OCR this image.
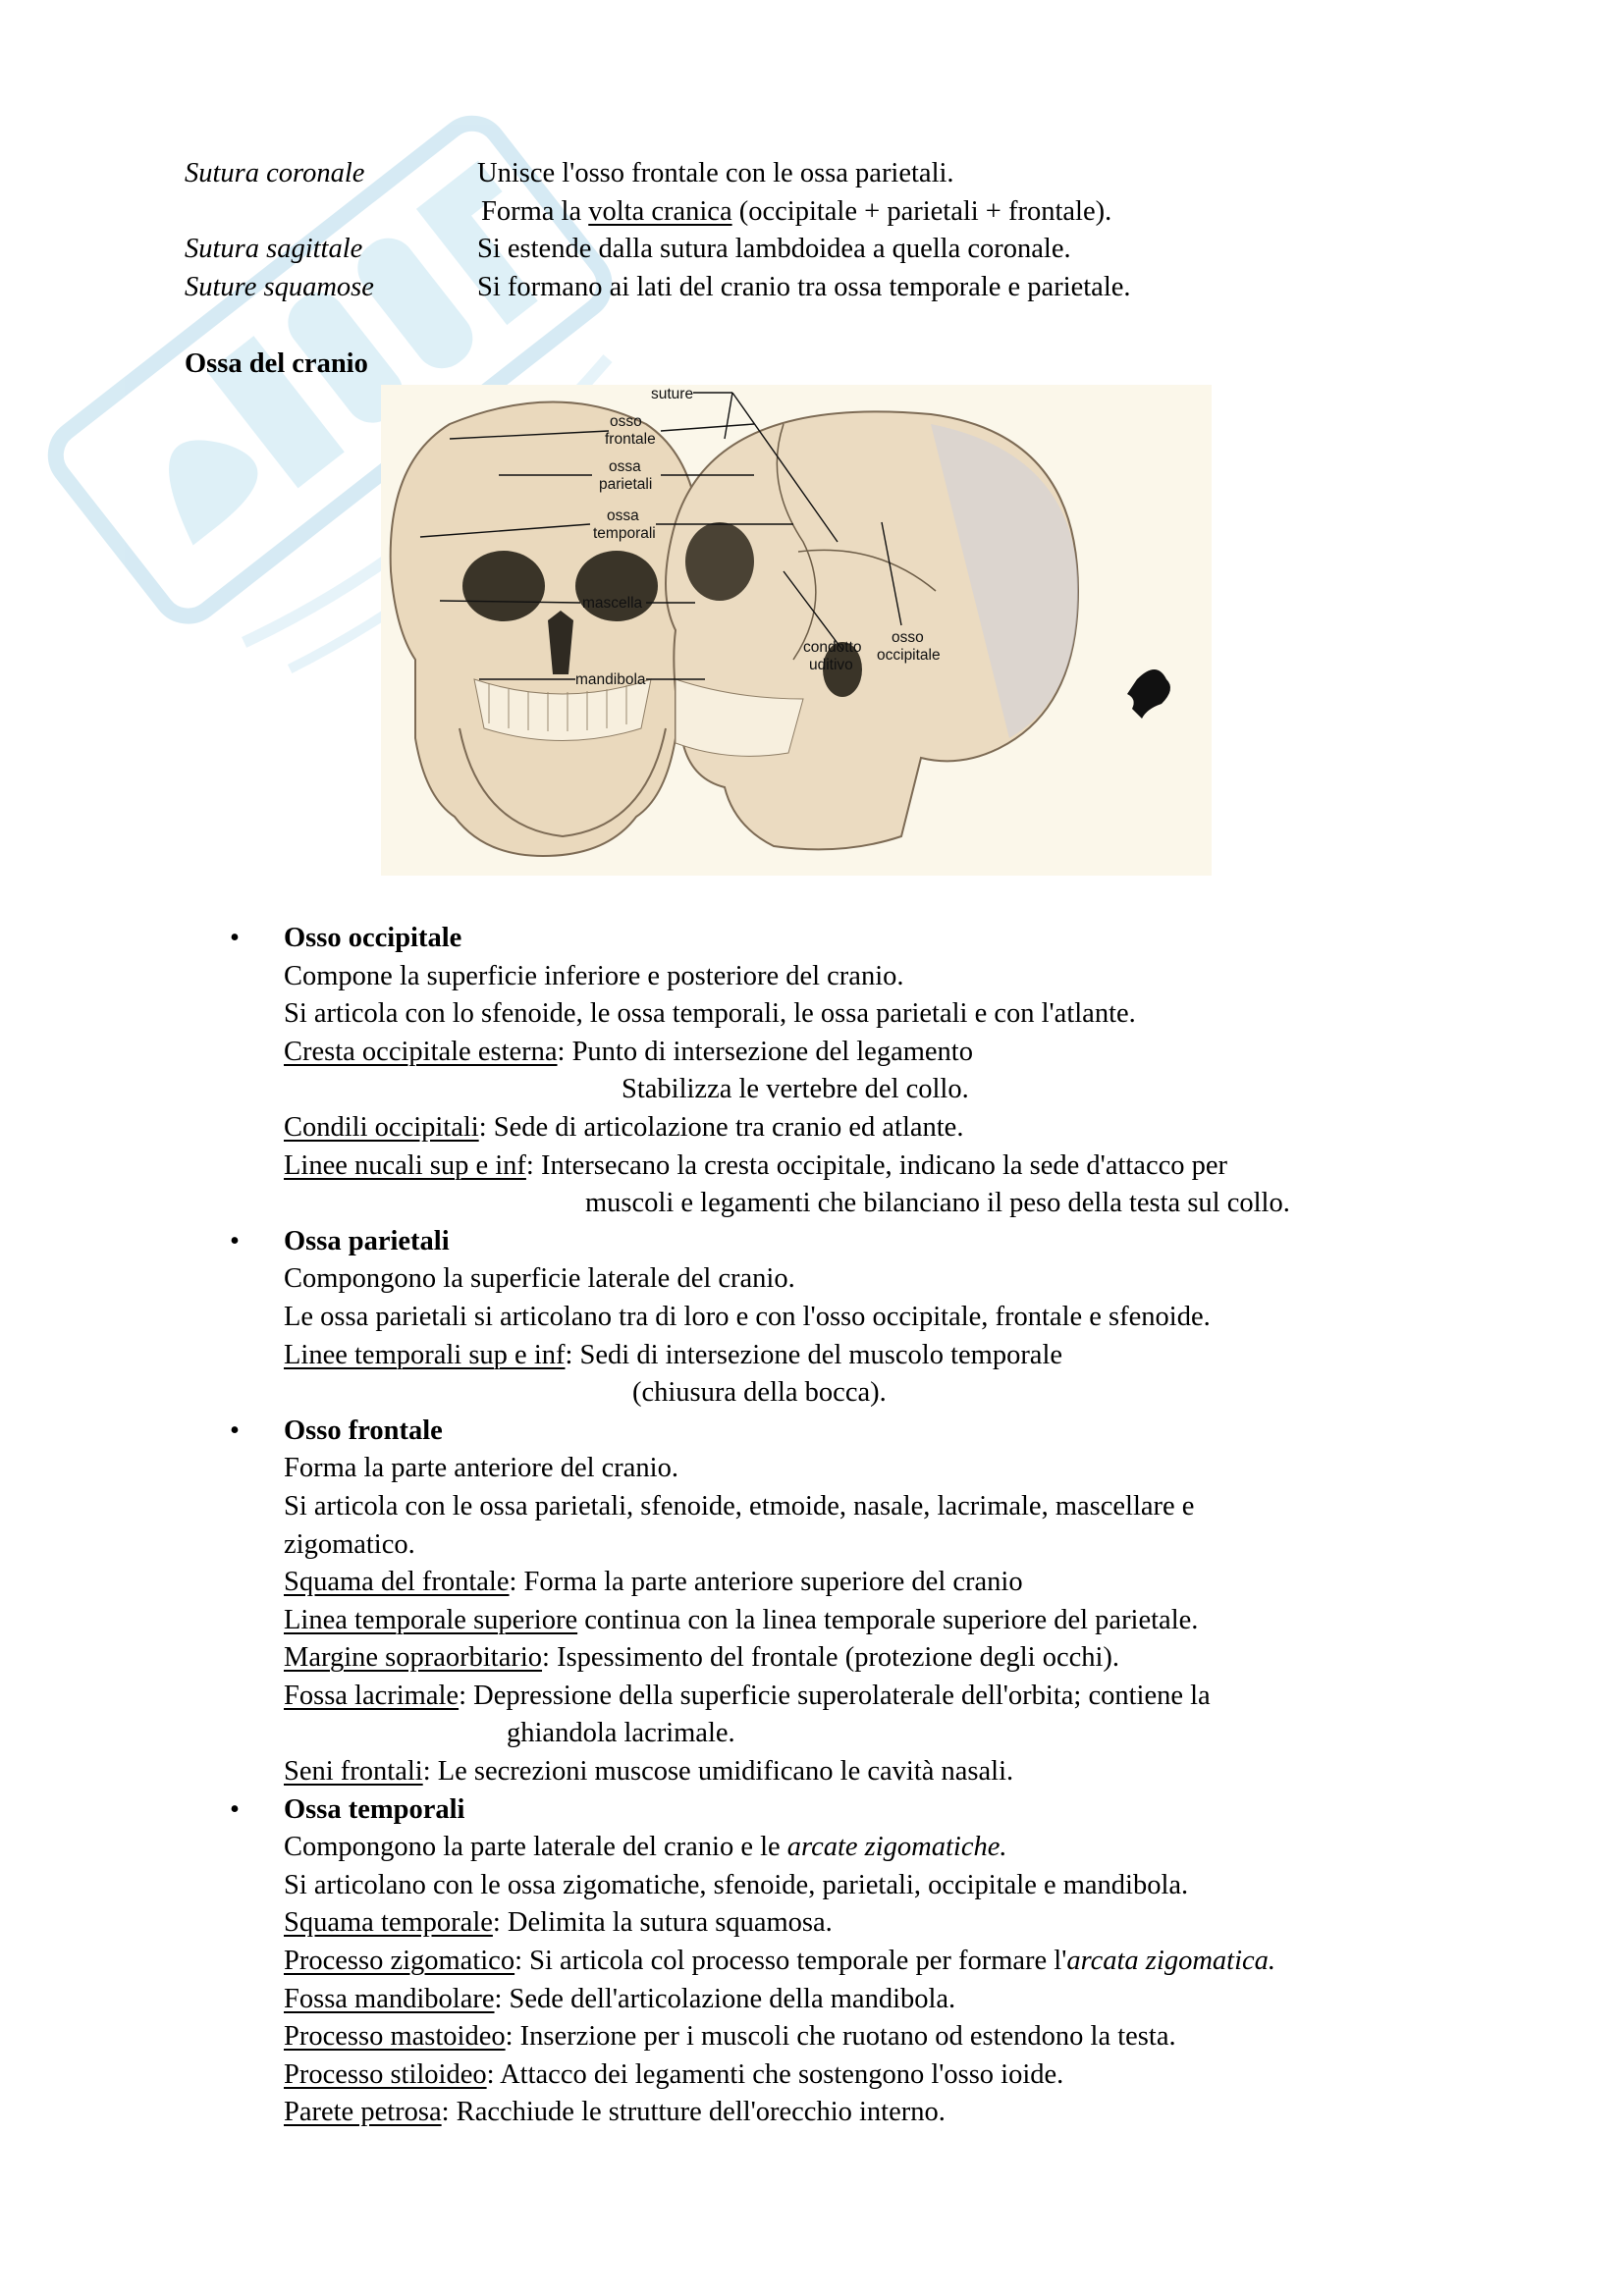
Sutura coronale	Unisce l'osso frontale con le ossa parietali.
Forma la volta cranica (occipitale + parietali + frontale).
Sutura sagittale	Si estende dalla sutura lambdoidea a quella coronale.
Suture squamose	Si formano ai lati del cranio tra ossa temporale e parietale.
Ossa del cranio
suture
osso
frontale
ossa
parietali
ossa
temporali
mascella
mandibola
condotto
uditivo
osso
occipitale
• Osso occipitale
Compone la superficie inferiore e posteriore del cranio.
Si articola con lo sfenoide, le ossa temporali, le ossa parietali e con l'atlante.
Cresta occipitale esterna: Punto di intersezione del legamento
Stabilizza le vertebre del collo.
Condili occipitali: Sede di articolazione tra cranio ed atlante.
Linee nucali sup e inf: Intersecano la cresta occipitale, indicano la sede d'attacco per
muscoli e legamenti che bilanciano il peso della testa sul collo.
• Ossa parietali
Compongono la superficie laterale del cranio.
Le ossa parietali si articolano tra di loro e con l'osso occipitale, frontale e sfenoide.
Linee temporali sup e inf: Sedi di intersezione del muscolo temporale
(chiusura della bocca).
• Osso frontale
Forma la parte anteriore del cranio.
Si articola con le ossa parietali, sfenoide, etmoide, nasale, lacrimale, mascellare e
zigomatico.
Squama del frontale: Forma la parte anteriore superiore del cranio
Linea temporale superiore continua con la linea temporale superiore del parietale.
Margine sopraorbitario: Ispessimento del frontale (protezione degli occhi).
Fossa lacrimale: Depressione della superficie superolaterale dell'orbita; contiene la
ghiandola lacrimale.
Seni frontali: Le secrezioni muscose umidificano le cavità nasali.
• Ossa temporali
Compongono la parte laterale del cranio e le arcate zigomatiche.
Si articolano con le ossa zigomatiche, sfenoide, parietali, occipitale e mandibola.
Squama temporale: Delimita la sutura squamosa.
Processo zigomatico: Si articola col processo temporale per formare l'arcata zigomatica.
Fossa mandibolare: Sede dell'articolazione della mandibola.
Processo mastoideo: Inserzione per i muscoli che ruotano od estendono la testa.
Processo stiloideo: Attacco dei legamenti che sostengono l'osso ioide.
Parete petrosa: Racchiude le strutture dell'orecchio interno.
